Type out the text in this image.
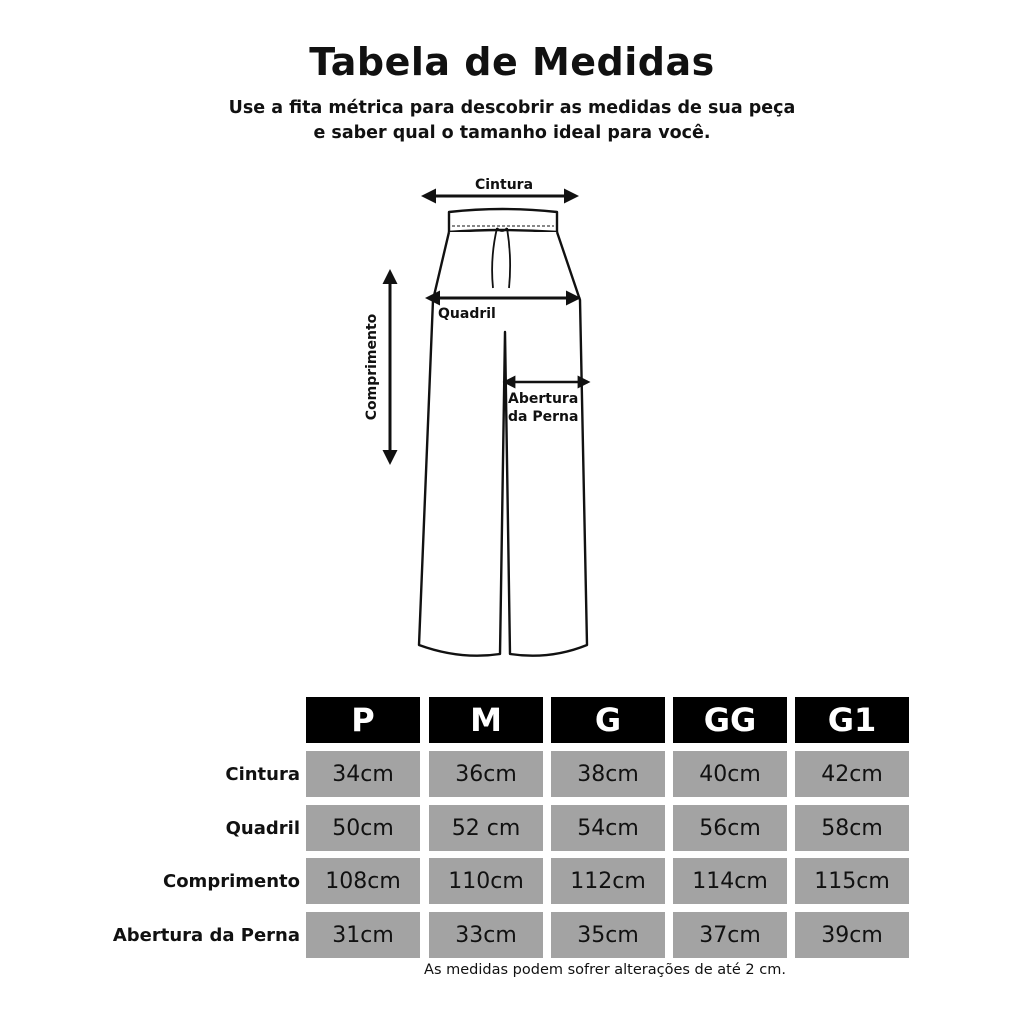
Tabela de Medidas
Use a fita métrica para descobrir as medidas de sua peça
e saber qual o tamanho ideal para você.
Cintura
Quadril
Comprimento	Abertura
da Perna
P	M	G	GG	G1
Cintura	34cm	36cm	38cm	40cm	42cm
Quadril	50cm	52 cm	54cm	56cm	58cm
Comprimento	108cm	110cm	112cm	114cm	115cm
Abertura da Perna	31cm	33cm	35cm	37cm	39cm
As medidas podem sofrer alterações de até 2 cm.
